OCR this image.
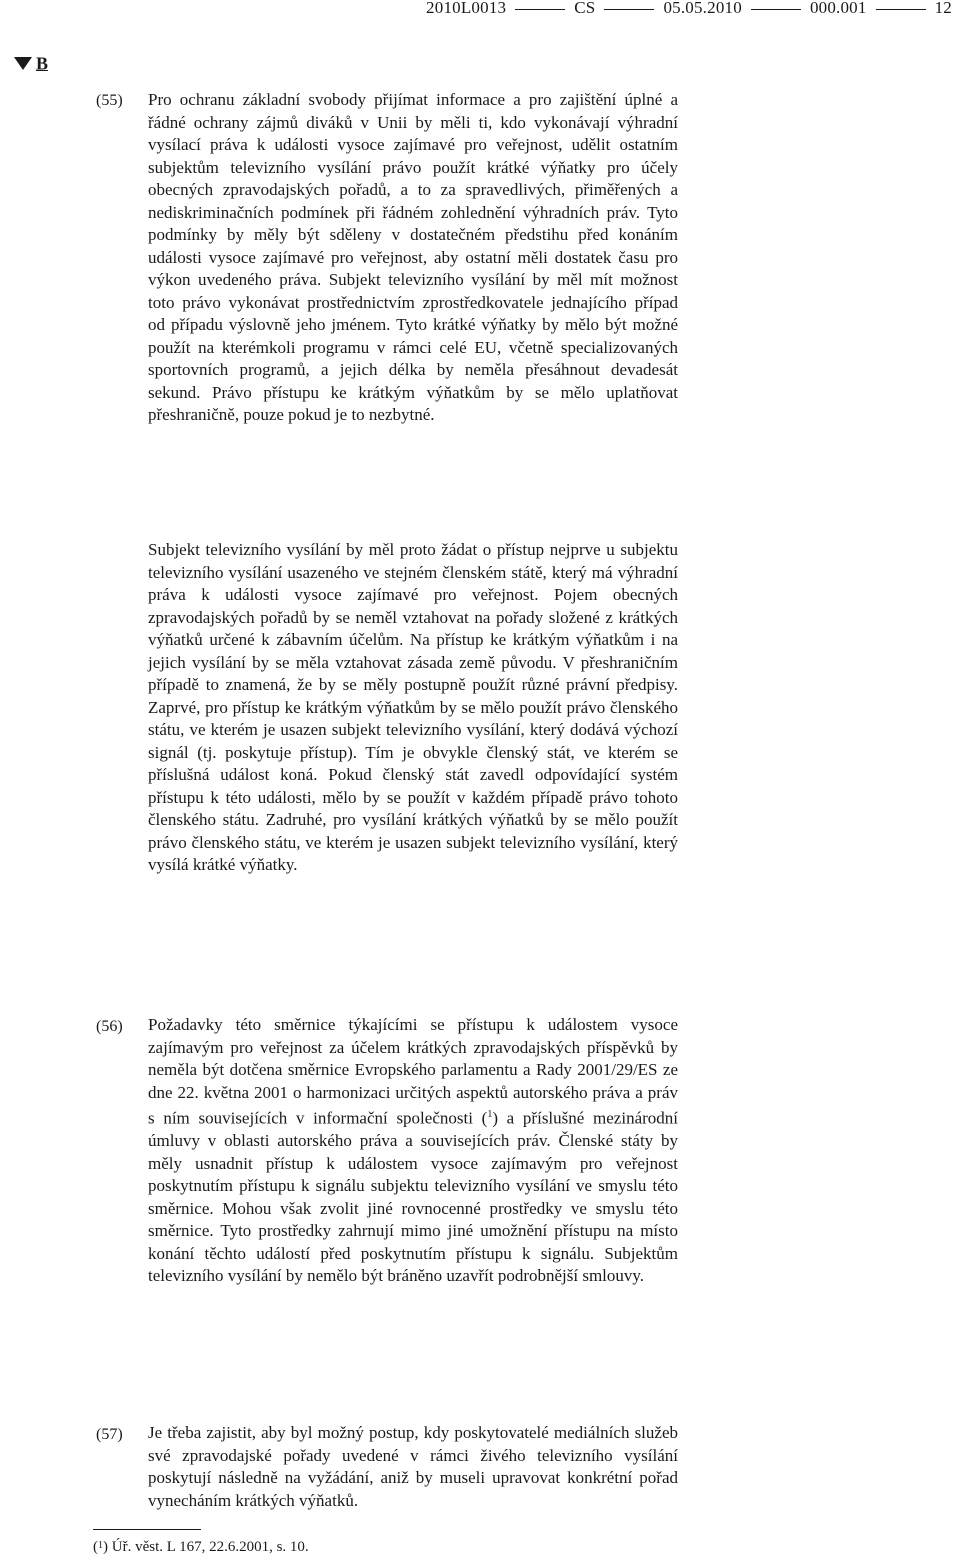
2010L0013	CS	05.05.2010	000.001	12
B
(55) Pro ochranu základní svobody přijímat informace a pro zajištění úplné a řádné ochrany zájmů diváků v Unii by měli ti, kdo vykonávají výhradní vysílací práva k události vysoce zajímavé pro veřejnost, udělit ostatním subjektům televizního vysílání právo použít krátké výňatky pro účely obecných zpravodajských pořadů, a to za spravedlivých, přiměřených a nediskriminačních podmínek při řádném zohlednění výhradních práv. Tyto podmínky by měly být sděleny v dostatečném předstihu před konáním události vysoce zajímavé pro veřejnost, aby ostatní měli dostatek času pro výkon uvedeného práva. Subjekt televizního vysílání by měl mít možnost toto právo vykonávat prostřednictvím zprostředkovatele jednajícího případ od případu výslovně jeho jménem. Tyto krátké výňatky by mělo být možné použít na kterémkoli programu v rámci celé EU, včetně specializovaných sportovních programů, a jejich délka by neměla přesáhnout devadesát sekund. Právo přístupu ke krátkým výňatkům by se mělo uplatňovat přeshraničně, pouze pokud je to nezbytné.

Subjekt televizního vysílání by měl proto žádat o přístup nejprve u subjektu televizního vysílání usazeného ve stejném členském státě, který má výhradní práva k události vysoce zajímavé pro veřejnost. Pojem obecných zpravodajských pořadů by se neměl vztahovat na pořady složené z krátkých výňatků určené k zábavním účelům. Na přístup ke krátkým výňatkům i na jejich vysílání by se měla vztahovat zásada země původu. V přeshraničním případě to znamená, že by se měly postupně použít různé právní předpisy. Zaprvé, pro přístup ke krátkým výňatkům by se mělo použít právo členského státu, ve kterém je usazen subjekt televizního vysílání, který dodává výchozí signál (tj. poskytuje přístup). Tím je obvykle členský stát, ve kterém se příslušná událost koná. Pokud členský stát zavedl odpovídající systém přístupu k této události, mělo by se použít v každém případě právo tohoto členského státu. Zadruhé, pro vysílání krátkých výňatků by se mělo použít právo členského státu, ve kterém je usazen subjekt televizního vysílání, který vysílá krátké výňatky.

(56) Požadavky této směrnice týkajícími se přístupu k událostem vysoce zajímavým pro veřejnost za účelem krátkých zpravodajských příspěvků by neměla být dotčena směrnice Evropského parlamentu a Rady 2001/29/ES ze dne 22. května 2001 o harmonizaci určitých aspektů autorského práva a práv s ním souvisejících v informační společnosti ($^1$) a příslušné mezinárodní úmluvy v oblasti autorského práva a souvisejících práv. Členské státy by měly usnadnit přístup k událostem vysoce zajímavým pro veřejnost poskytnutím přístupu k signálu subjektu televizního vysílání ve smyslu této směrnice. Mohou však zvolit jiné rovnocenné prostředky ve smyslu této směrnice. Tyto prostředky zahrnují mimo jiné umožnění přístupu na místo konání těchto událostí před poskytnutím přístupu k signálu. Subjektům televizního vysílání by nemělo být bráněno uzavřít podrobnější smlouvy.

(57) Je třeba zajistit, aby byl možný postup, kdy poskytovatelé mediálních služeb své zpravodajské pořady uvedené v rámci živého televizního vysílání poskytují následně na vyžádání, aniž by museli upravovat konkrétní pořad vynecháním krátkých výňatků.

($^1$) Úř. věst. L 167, 22.6.2001, s. 10.
